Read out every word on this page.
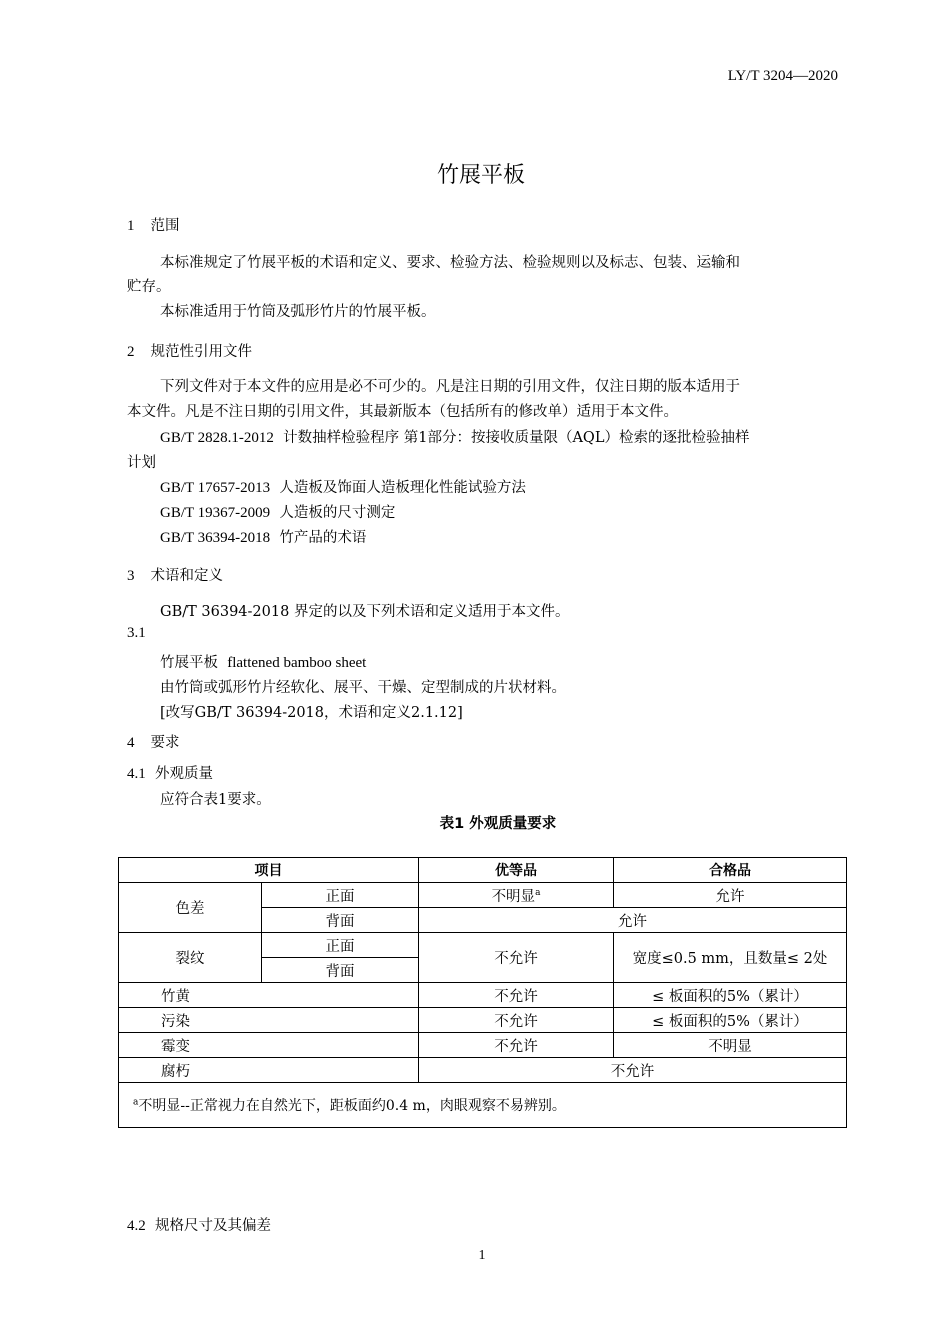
LY/T 3204—2020
竹展平板
1 范围
本标准规定了竹展平板的术语和定义、要求、检验方法、检验规则以及标志、包装、运输和
贮存。
本标准适用于竹筒及弧形竹片的竹展平板。
2 规范性引用文件
下列文件对于本文件的应用是必不可少的。凡是注日期的引用文件，仅注日期的版本适用于
本文件。凡是不注日期的引用文件，其最新版本（包括所有的修改单）适用于本文件。
GB/T 2828.1-2012 计数抽样检验程序 第1部分：按接收质量限（AQL）检索的逐批检验抽样
计划
GB/T 17657-2013 人造板及饰面人造板理化性能试验方法
GB/T 19367-2009 人造板的尺寸测定
GB/T 36394-2018 竹产品的术语
3 术语和定义
GB/T 36394-2018 界定的以及下列术语和定义适用于本文件。
3.1
竹展平板 flattened bamboo sheet
由竹筒或弧形竹片经软化、展平、干燥、定型制成的片状材料。
[改写GB/T 36394-2018，术语和定义2.1.12]
4 要求
4.1 外观质量
应符合表1要求。
表1 外观质量要求
项目		优等品	合格品
色差	正面	不明显$^a$	允许
	背面	允许	
裂纹	正面	不允许	宽度≤0.5 mm，且数量≤ 2处
	背面		
竹黄		不允许	≤ 板面积的5%（累计）
污染		不允许	≤ 板面积的5%（累计）
霉变		不允许	不明显
腐朽		不允许	
$^a$不明显--正常视力在自然光下，距板面约0.4 m，肉眼观察不易辨别。			
4.2 规格尺寸及其偏差
1
